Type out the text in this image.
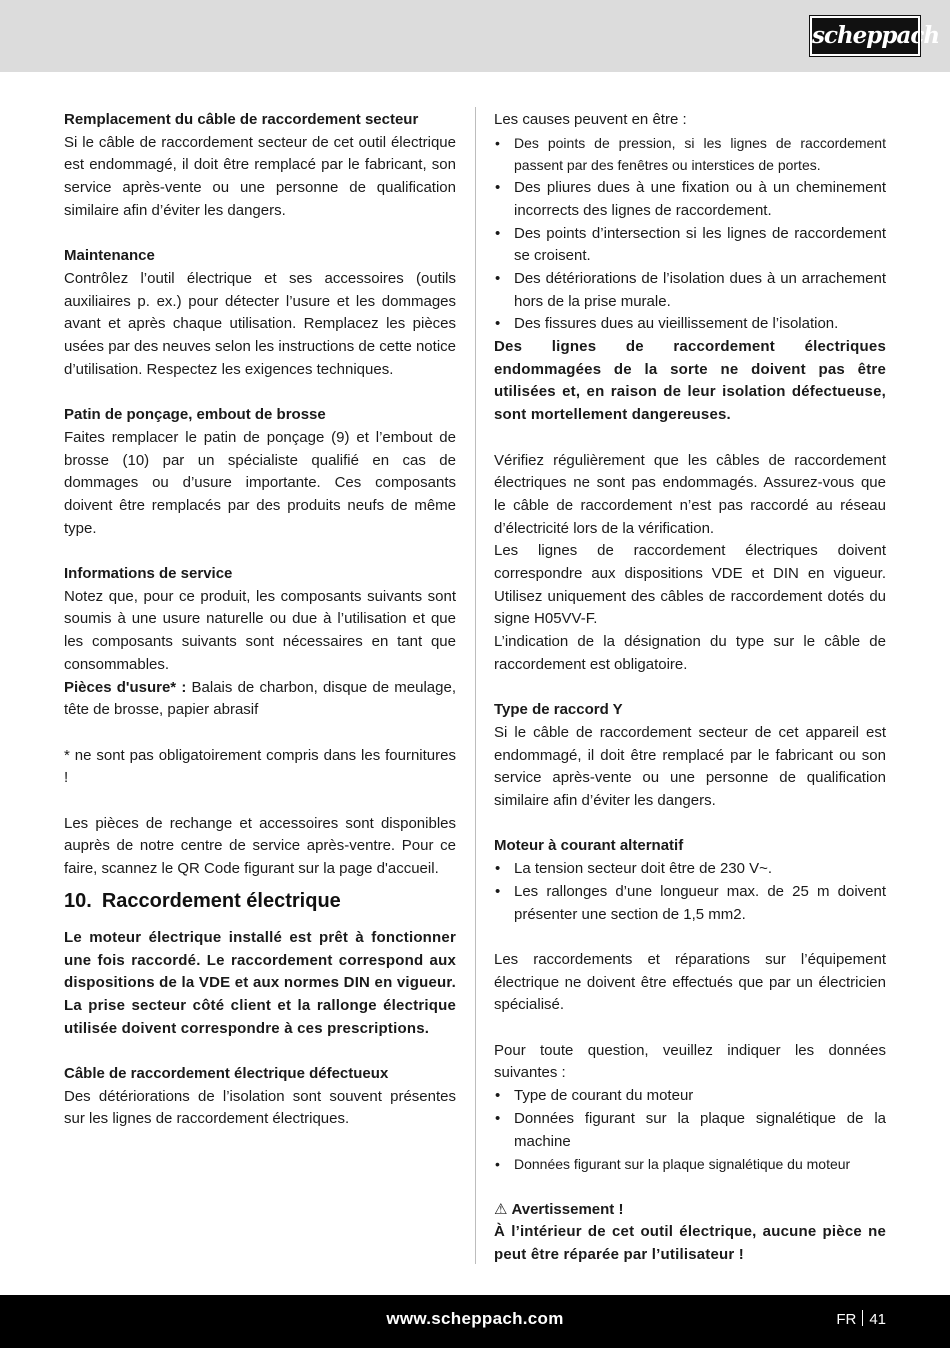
scheppach

Remplacement du câble de raccordement secteur

Si le câble de raccordement secteur de cet outil électrique est endommagé, il doit être remplacé par le fabricant, son service après-vente ou une personne de qualification similaire afin d’éviter les dangers.

Maintenance

Contrôlez l’outil électrique et ses accessoires (outils auxiliaires p. ex.) pour détecter l’usure et les dommages avant et après chaque utilisation. Remplacez les pièces usées par des neuves selon les instructions de cette notice d’utilisation. Respectez les exigences techniques.

Patin de ponçage, embout de brosse

Faites remplacer le patin de ponçage (9) et l’embout de brosse (10) par un spécialiste qualifié en cas de dommages ou d’usure importante. Ces composants doivent être remplacés par des produits neufs de même type.

Informations de service

Notez que, pour ce produit, les composants suivants sont soumis à une usure naturelle ou due à l’utilisation et que les composants suivants sont nécessaires en tant que consommables.

Pièces d'usure* : Balais de charbon, disque de meulage, tête de brosse, papier abrasif

* ne sont pas obligatoirement compris dans les fournitures !

Les pièces de rechange et accessoires sont disponibles auprès de notre centre de service après-ventre. Pour ce faire, scannez le QR Code figurant sur la page d'accueil.

10. Raccordement électrique

Le moteur électrique installé est prêt à fonctionner une fois raccordé. Le raccordement correspond aux dispositions de la VDE et aux normes DIN en vigueur. La prise secteur côté client et la rallonge électrique utilisée doivent correspondre à ces prescriptions.

Câble de raccordement électrique défectueux

Des détériorations de l’isolation sont souvent présentes sur les lignes de raccordement électriques.

Les causes peuvent en être :

• Des points de pression, si les lignes de raccordement passent par des fenêtres ou interstices de portes.
• Des pliures dues à une fixation ou à un cheminement incorrects des lignes de raccordement.
• Des points d’intersection si les lignes de raccordement se croisent.
• Des détériorations de l’isolation dues à un arrachement hors de la prise murale.
• Des fissures dues au vieillissement de l’isolation.

Des lignes de raccordement électriques endommagées de la sorte ne doivent pas être utilisées et, en raison de leur isolation défectueuse, sont mortellement dangereuses.

Vérifiez régulièrement que les câbles de raccordement électriques ne sont pas endommagés. Assurez-vous que le câble de raccordement n’est pas raccordé au réseau d’électricité lors de la vérification.

Les lignes de raccordement électriques doivent correspondre aux dispositions VDE et DIN en vigueur. Utilisez uniquement des câbles de raccordement dotés du signe H05VV-F.

L’indication de la désignation du type sur le câble de raccordement est obligatoire.

Type de raccord Y

Si le câble de raccordement secteur de cet appareil est endommagé, il doit être remplacé par le fabricant ou son service après-vente ou une personne de qualification similaire afin d’éviter les dangers.

Moteur à courant alternatif

• La tension secteur doit être de 230 V~.
• Les rallonges d’une longueur max. de 25 m doivent présenter une section de 1,5 mm2.

Les raccordements et réparations sur l’équipement électrique ne doivent être effectués que par un électricien spécialisé.

Pour toute question, veuillez indiquer les données suivantes :

• Type de courant du moteur
• Données figurant sur la plaque signalétique de la machine
• Données figurant sur la plaque signalétique du moteur

⚠ Avertissement !

À l’intérieur de cet outil électrique, aucune pièce ne peut être réparée par l’utilisateur !

www.scheppach.com	FR 41
